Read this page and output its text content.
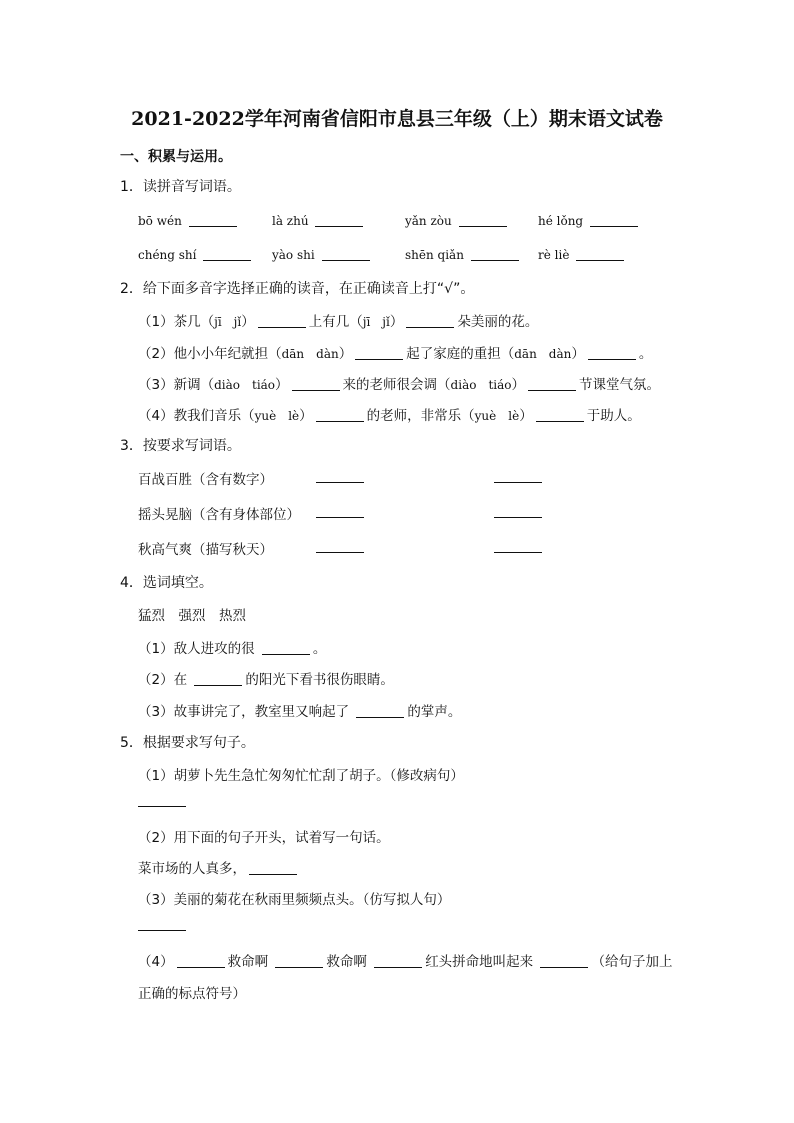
2021-2022学年河南省信阳市息县三年级（上）期末语文试卷
一、积累与运用。
1．读拼音写词语。
bō wén	là zhú	yǎn zòu	hé lǒng
chéng shí	yào shi	shēn qiǎn	rè liè
2．给下面多音字选择正确的读音，在正确读音上打“√”。
（1）茶几（jī　jǐ）	上有几（jī　jǐ）	朵美丽的花。
（2）他小小年纪就担（dān　dàn）	起了家庭的重担（dān　dàn）	。
（3）新调（diào　tiáo）	来的老师很会调（diào　tiáo）	节课堂气氛。
（4）教我们音乐（yuè　lè）	的老师，非常乐（yuè　lè）	于助人。
3．按要求写词语。
百战百胜（含有数字）
摇头晃脑（含有身体部位）
秋高气爽（描写秋天）
4．选词填空。
猛烈　强烈　热烈
（1）敌人进攻的很	。
（2）在	的阳光下看书很伤眼睛。
（3）故事讲完了，教室里又响起了	的掌声。
5．根据要求写句子。
（1）胡萝卜先生急忙匆匆忙忙刮了胡子。（修改病句）
（2）用下面的句子开头，试着写一句话。
菜市场的人真多，
（3）美丽的菊花在秋雨里频频点头。（仿写拟人句）
（4）	救命啊	救命啊	红头拼命地叫起来	（给句子加上
正确的标点符号）
